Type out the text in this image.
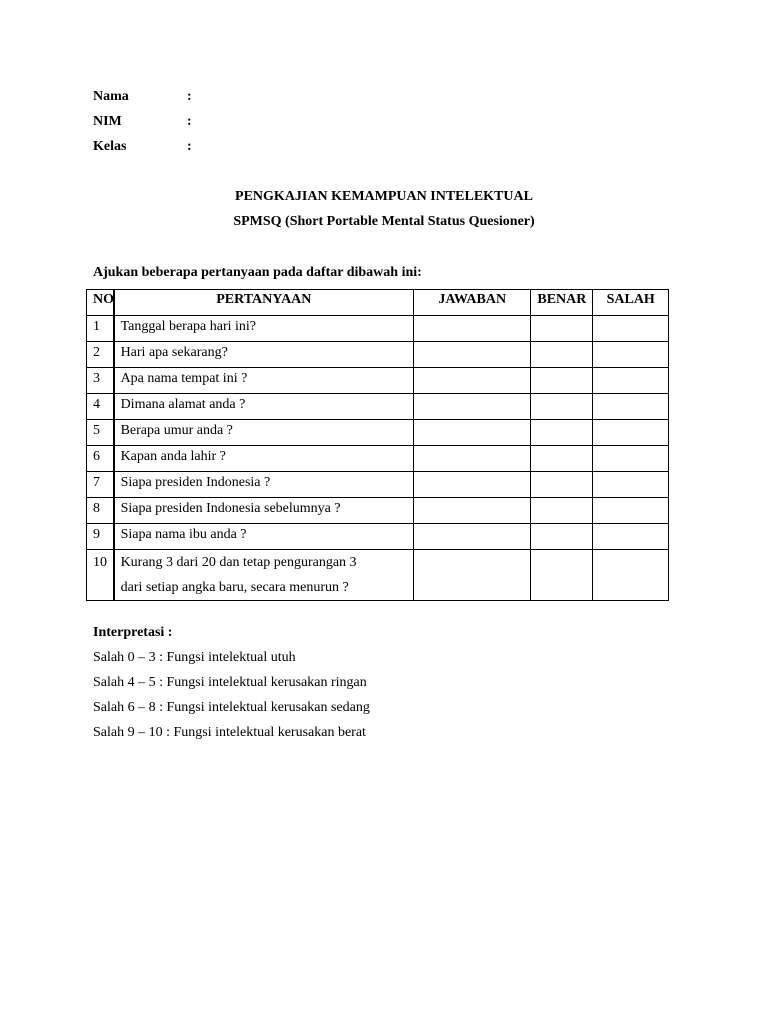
Nama	:
NIM	:
Kelas	:
PENGKAJIAN KEMAMPUAN INTELEKTUAL
SPMSQ (Short Portable Mental Status Quesioner)
Ajukan beberapa pertanyaan pada daftar dibawah ini:
NO	PERTANYAAN	JAWABAN	BENAR	SALAH
1	Tanggal berapa hari ini?			
2	Hari apa sekarang?			
3	Apa nama tempat ini ?			
4	Dimana alamat anda ?			
5	Berapa umur anda ?			
6	Kapan anda lahir ?			
7	Siapa presiden Indonesia ?			
8	Siapa presiden Indonesia sebelumnya ?			
9	Siapa nama ibu anda ?			
10	Kurang 3 dari 20 dan tetap pengurangan 3
dari setiap angka baru, secara menurun ?			

Interpretasi :
Salah 0 – 3 : Fungsi intelektual utuh
Salah 4 – 5 : Fungsi intelektual kerusakan ringan
Salah 6 – 8 : Fungsi intelektual kerusakan sedang
Salah 9 – 10 : Fungsi intelektual kerusakan berat
